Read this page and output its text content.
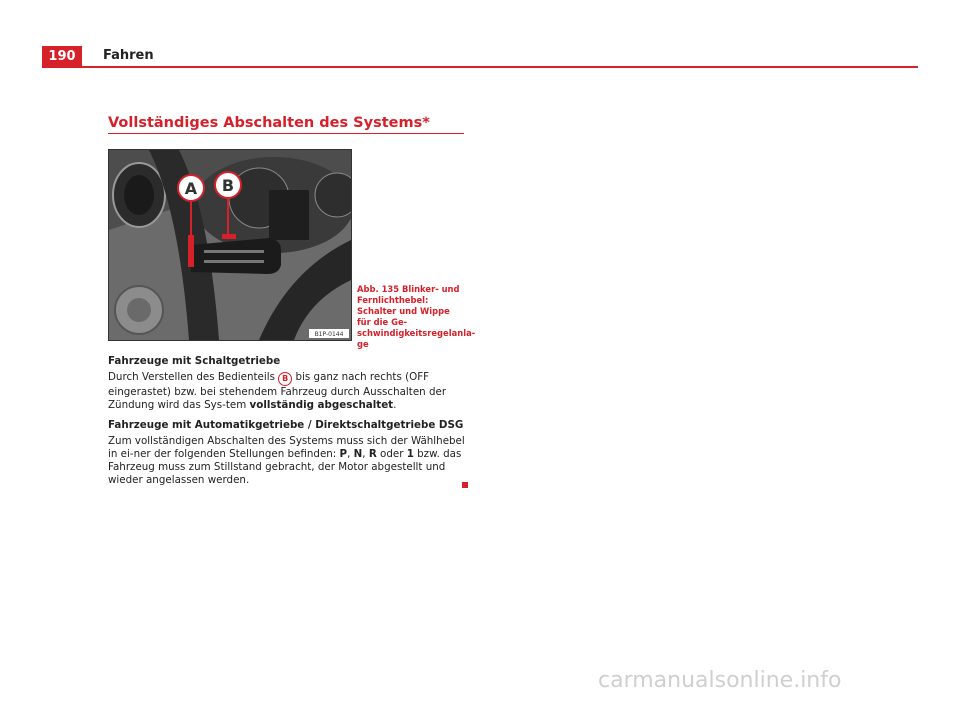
190	Fahren
Vollständiges Abschalten des Systems*
A B
B1P-0144
Abb. 135 Blinker- und Fernlichthebel: Schalter und Wippe für die Ge-schwindigkeitsregelanla-ge

Fahrzeuge mit Schaltgetriebe

Durch Verstellen des Bedienteils B bis ganz nach rechts (OFF eingerastet) bzw. bei stehendem Fahrzeug durch Ausschalten der Zündung wird das Sys-tem vollständig abgeschaltet.

Fahrzeuge mit Automatikgetriebe / Direktschaltgetriebe DSG

Zum vollständigen Abschalten des Systems muss sich der Wählhebel in ei-ner der folgenden Stellungen befinden: P, N, R oder 1 bzw. das Fahrzeug muss zum Stillstand gebracht, der Motor abgestellt und wieder angelassen werden.

carmanualsonline.info
